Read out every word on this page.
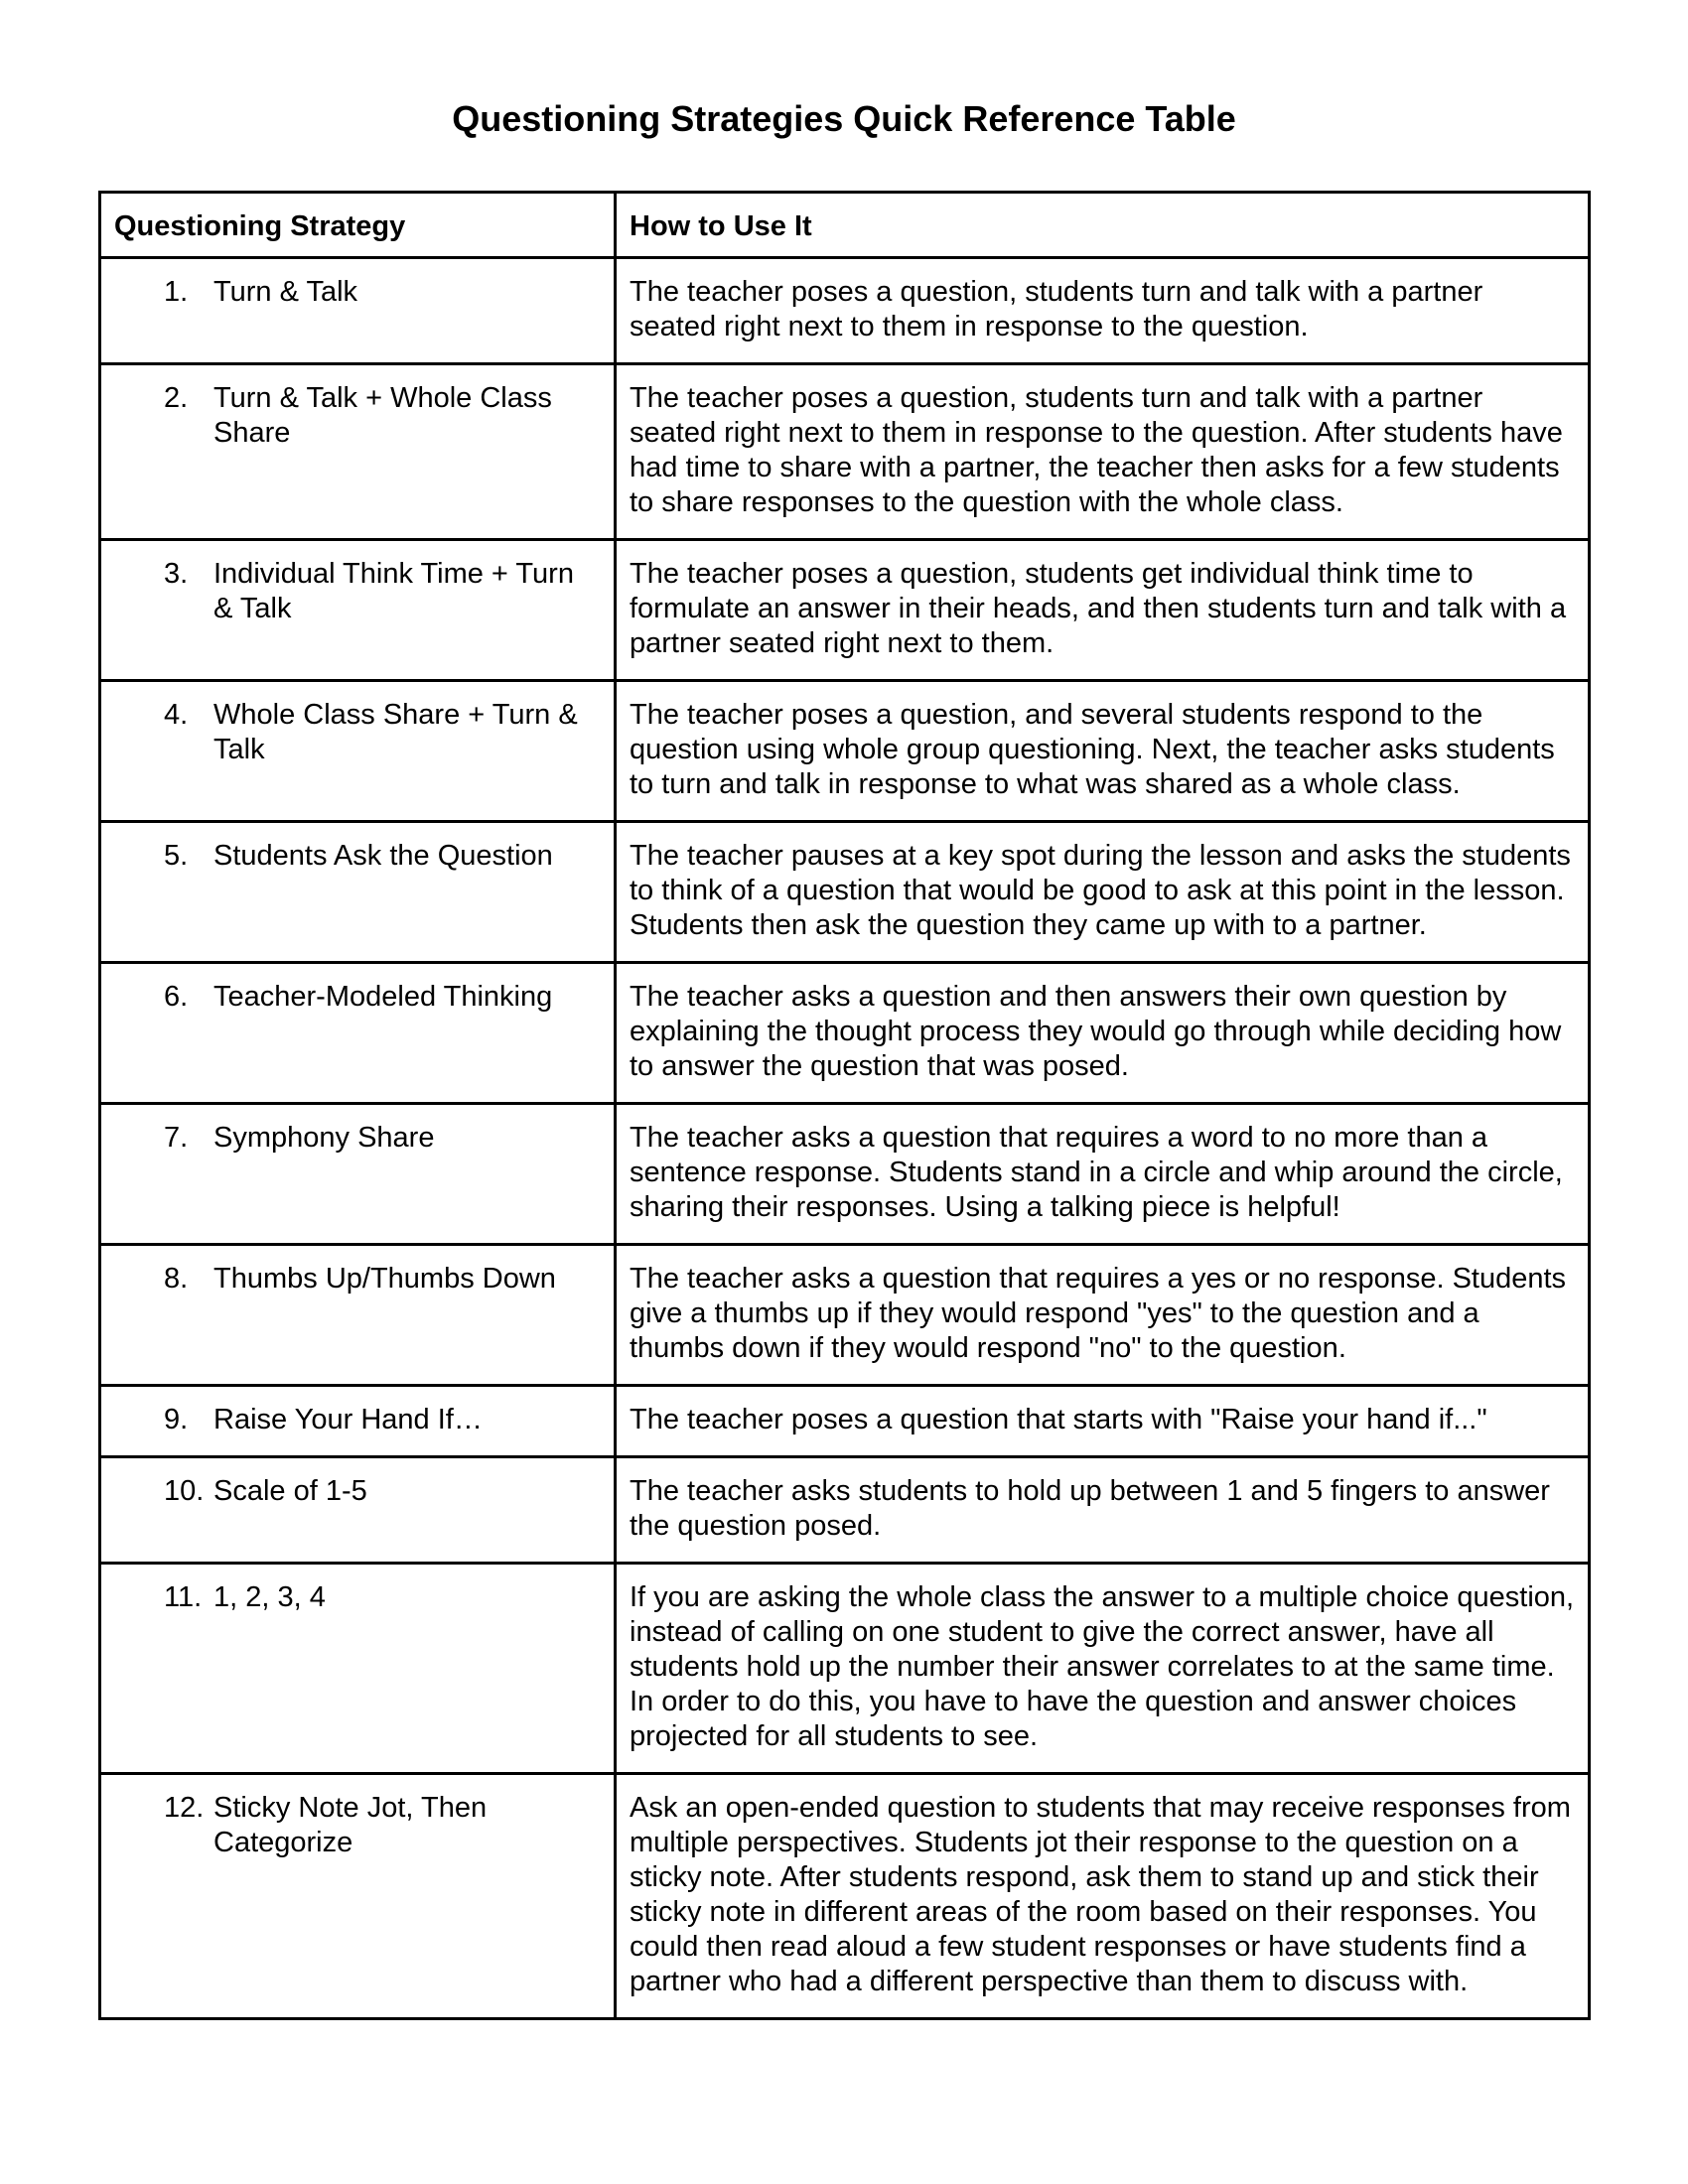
Questioning Strategies Quick Reference Table
Questioning Strategy	How to Use It

1. Turn & Talk	The teacher poses a question, students turn and talk with a partner seated right next to them in response to the question.

2. Turn & Talk + Whole Class Share	The teacher poses a question, students turn and talk with a partner seated right next to them in response to the question. After students have had time to share with a partner, the teacher then asks for a few students to share responses to the question with the whole class.

3. Individual Think Time + Turn & Talk	The teacher poses a question, students get individual think time to formulate an answer in their heads, and then students turn and talk with a partner seated right next to them.

4. Whole Class Share + Turn & Talk	The teacher poses a question, and several students respond to the question using whole group questioning. Next, the teacher asks students to turn and talk in response to what was shared as a whole class.

5. Students Ask the Question	The teacher pauses at a key spot during the lesson and asks the students to think of a question that would be good to ask at this point in the lesson. Students then ask the question they came up with to a partner.

6. Teacher-Modeled Thinking	The teacher asks a question and then answers their own question by explaining the thought process they would go through while deciding how to answer the question that was posed.

7. Symphony Share	The teacher asks a question that requires a word to no more than a sentence response. Students stand in a circle and whip around the circle, sharing their responses. Using a talking piece is helpful!

8. Thumbs Up/Thumbs Down	The teacher asks a question that requires a yes or no response. Students give a thumbs up if they would respond "yes" to the question and a thumbs down if they would respond "no" to the question.

9. Raise Your Hand If…	The teacher poses a question that starts with "Raise your hand if..."

10. Scale of 1-5	The teacher asks students to hold up between 1 and 5 fingers to answer the question posed.

11. 1, 2, 3, 4	If you are asking the whole class the answer to a multiple choice question, instead of calling on one student to give the correct answer, have all students hold up the number their answer correlates to at the same time. In order to do this, you have to have the question and answer choices projected for all students to see.

12. Sticky Note Jot, Then Categorize	Ask an open-ended question to students that may receive responses from multiple perspectives. Students jot their response to the question on a sticky note. After students respond, ask them to stand up and stick their sticky note in different areas of the room based on their responses. You could then read aloud a few student responses or have students find a partner who had a different perspective than them to discuss with.
